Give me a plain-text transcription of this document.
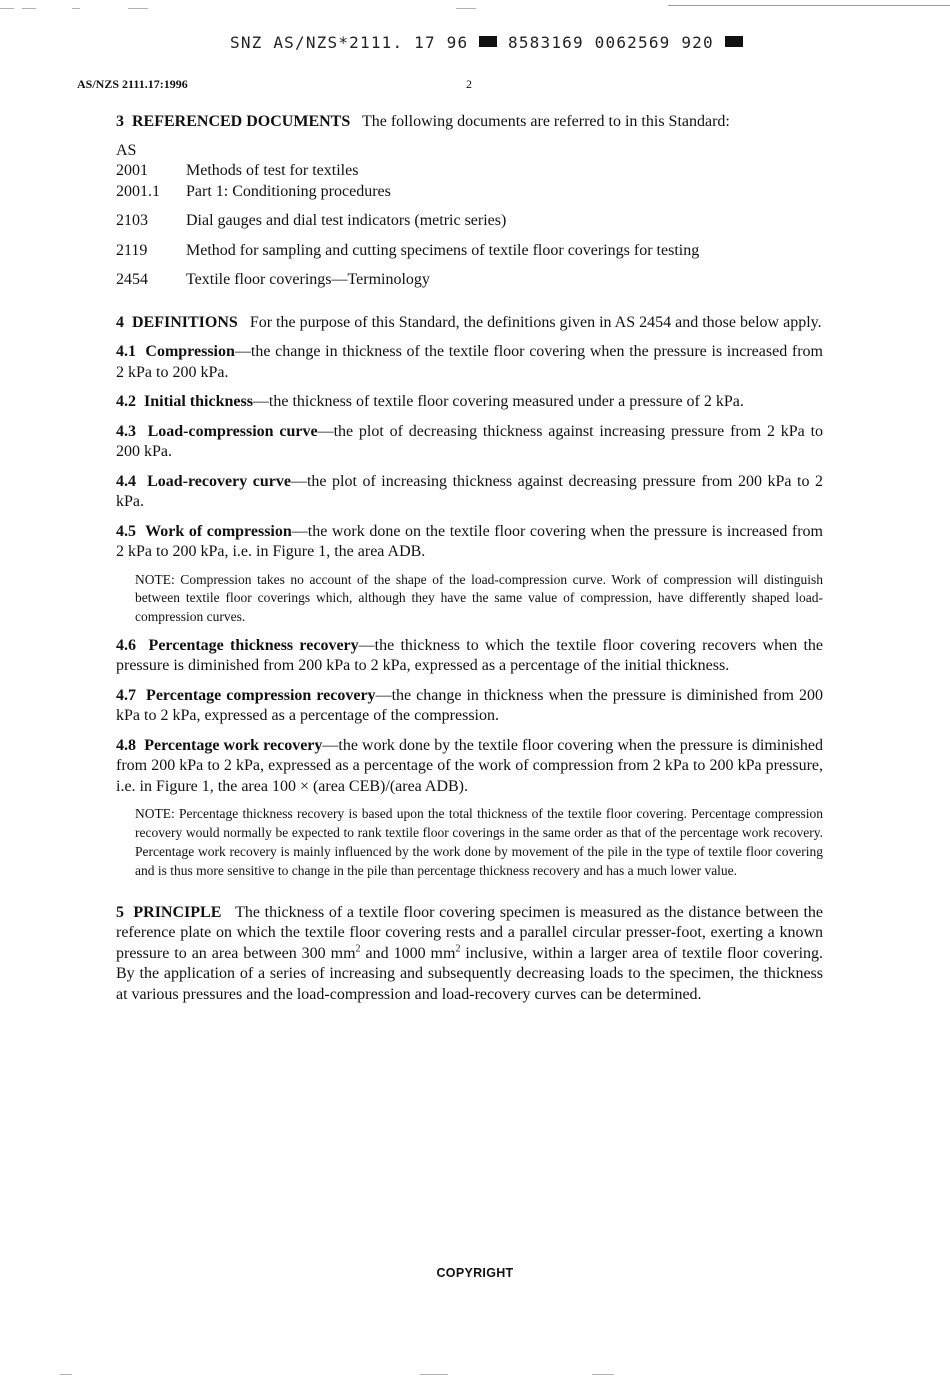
SNZ AS/NZS*2111. 17 96 8583169 0062569 920
AS/NZS 2111.17:1996	2

3 REFERENCED DOCUMENTS The following documents are referred to in this Standard:

AS
2001	Methods of test for textiles
2001.1	Part 1: Conditioning procedures
2103	Dial gauges and dial test indicators (metric series)
2119	Method for sampling and cutting specimens of textile floor coverings for testing
2454	Textile floor coverings—Terminology

4 DEFINITIONS For the purpose of this Standard, the definitions given in AS 2454 and those below apply.

4.1 Compression—the change in thickness of the textile floor covering when the pressure is increased from 2 kPa to 200 kPa.

4.2 Initial thickness—the thickness of textile floor covering measured under a pressure of 2 kPa.

4.3 Load-compression curve—the plot of decreasing thickness against increasing pressure from 2 kPa to 200 kPa.

4.4 Load-recovery curve—the plot of increasing thickness against decreasing pressure from 200 kPa to 2 kPa.

4.5 Work of compression—the work done on the textile floor covering when the pressure is increased from 2 kPa to 200 kPa, i.e. in Figure 1, the area ADB.

NOTE: Compression takes no account of the shape of the load-compression curve. Work of compression will distinguish between textile floor coverings which, although they have the same value of compression, have differently shaped load-compression curves.

4.6 Percentage thickness recovery—the thickness to which the textile floor covering recovers when the pressure is diminished from 200 kPa to 2 kPa, expressed as a percentage of the initial thickness.

4.7 Percentage compression recovery—the change in thickness when the pressure is diminished from 200 kPa to 2 kPa, expressed as a percentage of the compression.

4.8 Percentage work recovery—the work done by the textile floor covering when the pressure is diminished from 200 kPa to 2 kPa, expressed as a percentage of the work of compression from 2 kPa to 200 kPa pressure, i.e. in Figure 1, the area 100 × (area CEB)/(area ADB).

NOTE: Percentage thickness recovery is based upon the total thickness of the textile floor covering. Percentage compression recovery would normally be expected to rank textile floor coverings in the same order as that of the percentage work recovery. Percentage work recovery is mainly influenced by the work done by movement of the pile in the type of textile floor covering and is thus more sensitive to change in the pile than percentage thickness recovery and has a much lower value.

5 PRINCIPLE The thickness of a textile floor covering specimen is measured as the distance between the reference plate on which the textile floor covering rests and a parallel circular presser-foot, exerting a known pressure to an area between 300 $mm^2$ and 1000 $mm^2$ inclusive, within a larger area of textile floor covering. By the application of a series of increasing and subsequently decreasing loads to the specimen, the thickness at various pressures and the load-compression and load-recovery curves can be determined.

COPYRIGHT
